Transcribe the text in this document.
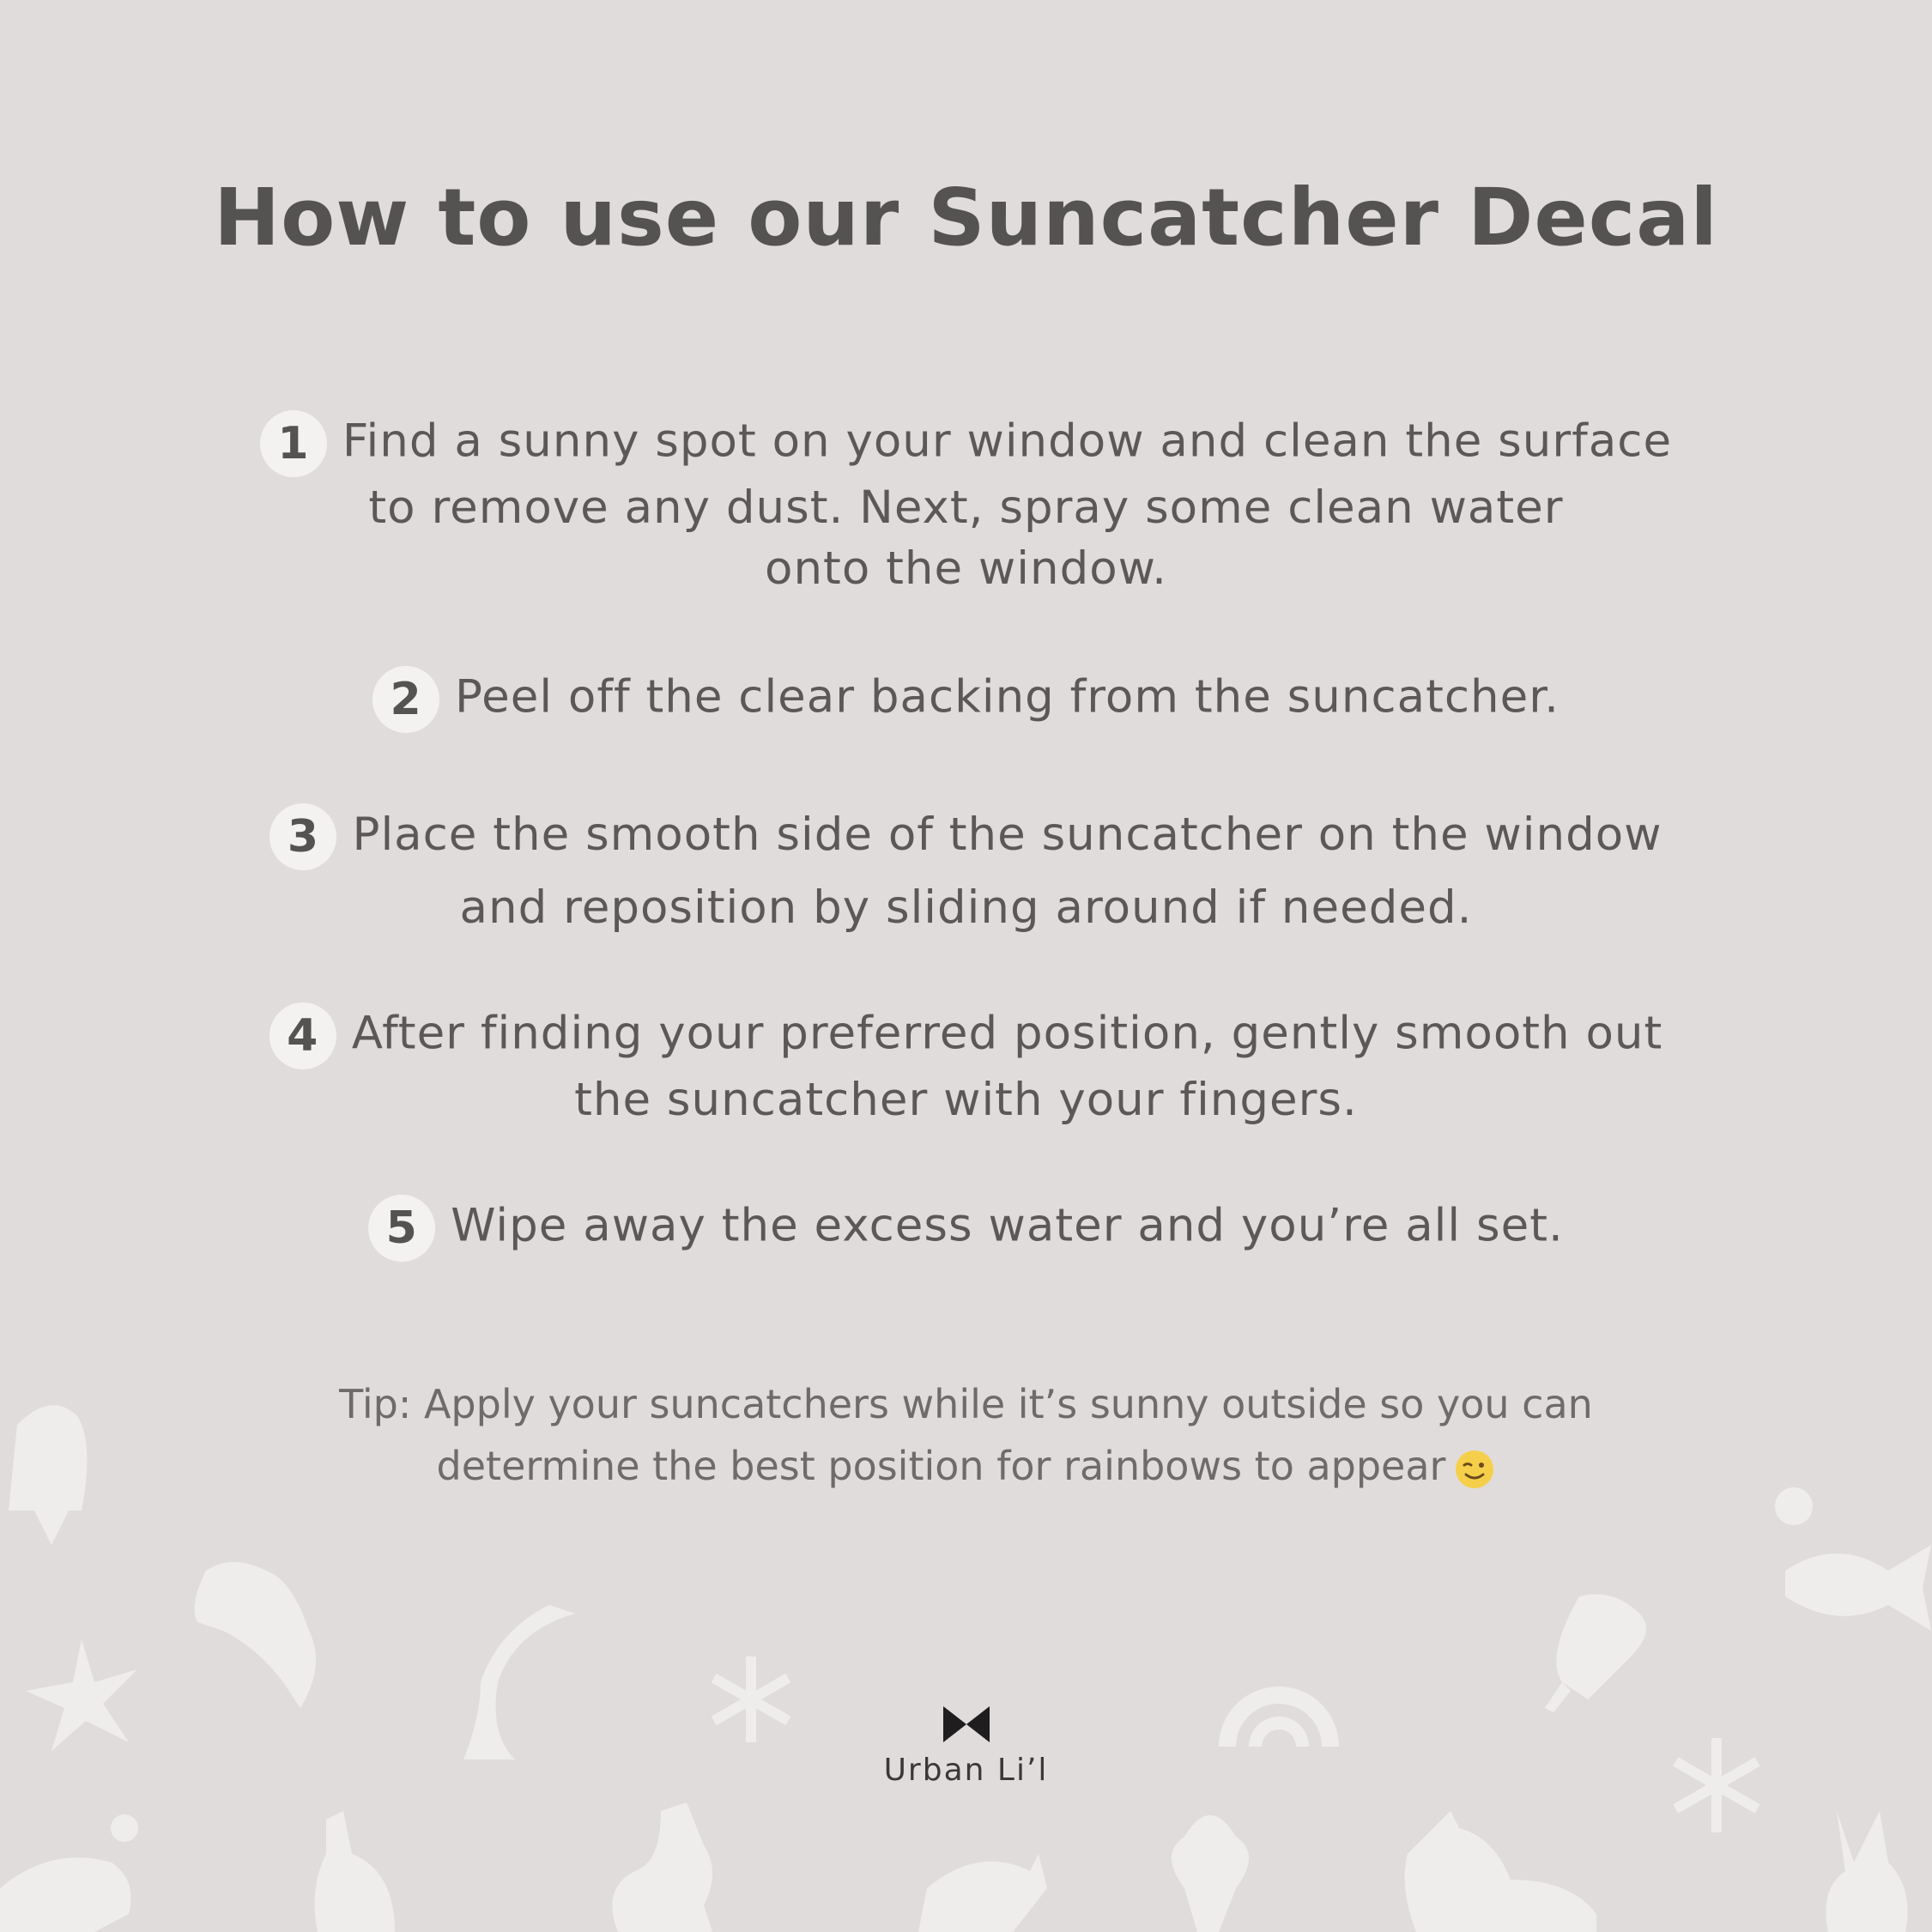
How to use our Suncatcher Decal
1 Find a sunny spot on your window and clean the surface
to remove any dust. Next, spray some clean water
onto the window.
2 Peel off the clear backing from the suncatcher.
3 Place the smooth side of the suncatcher on the window
and reposition by sliding around if needed.
4 After finding your preferred position, gently smooth out
the suncatcher with your fingers.
5 Wipe away the excess water and you’re all set.
Tip: Apply your suncatchers while it’s sunny outside so you can
determine the best position for rainbows to appear
Urban Li’l
